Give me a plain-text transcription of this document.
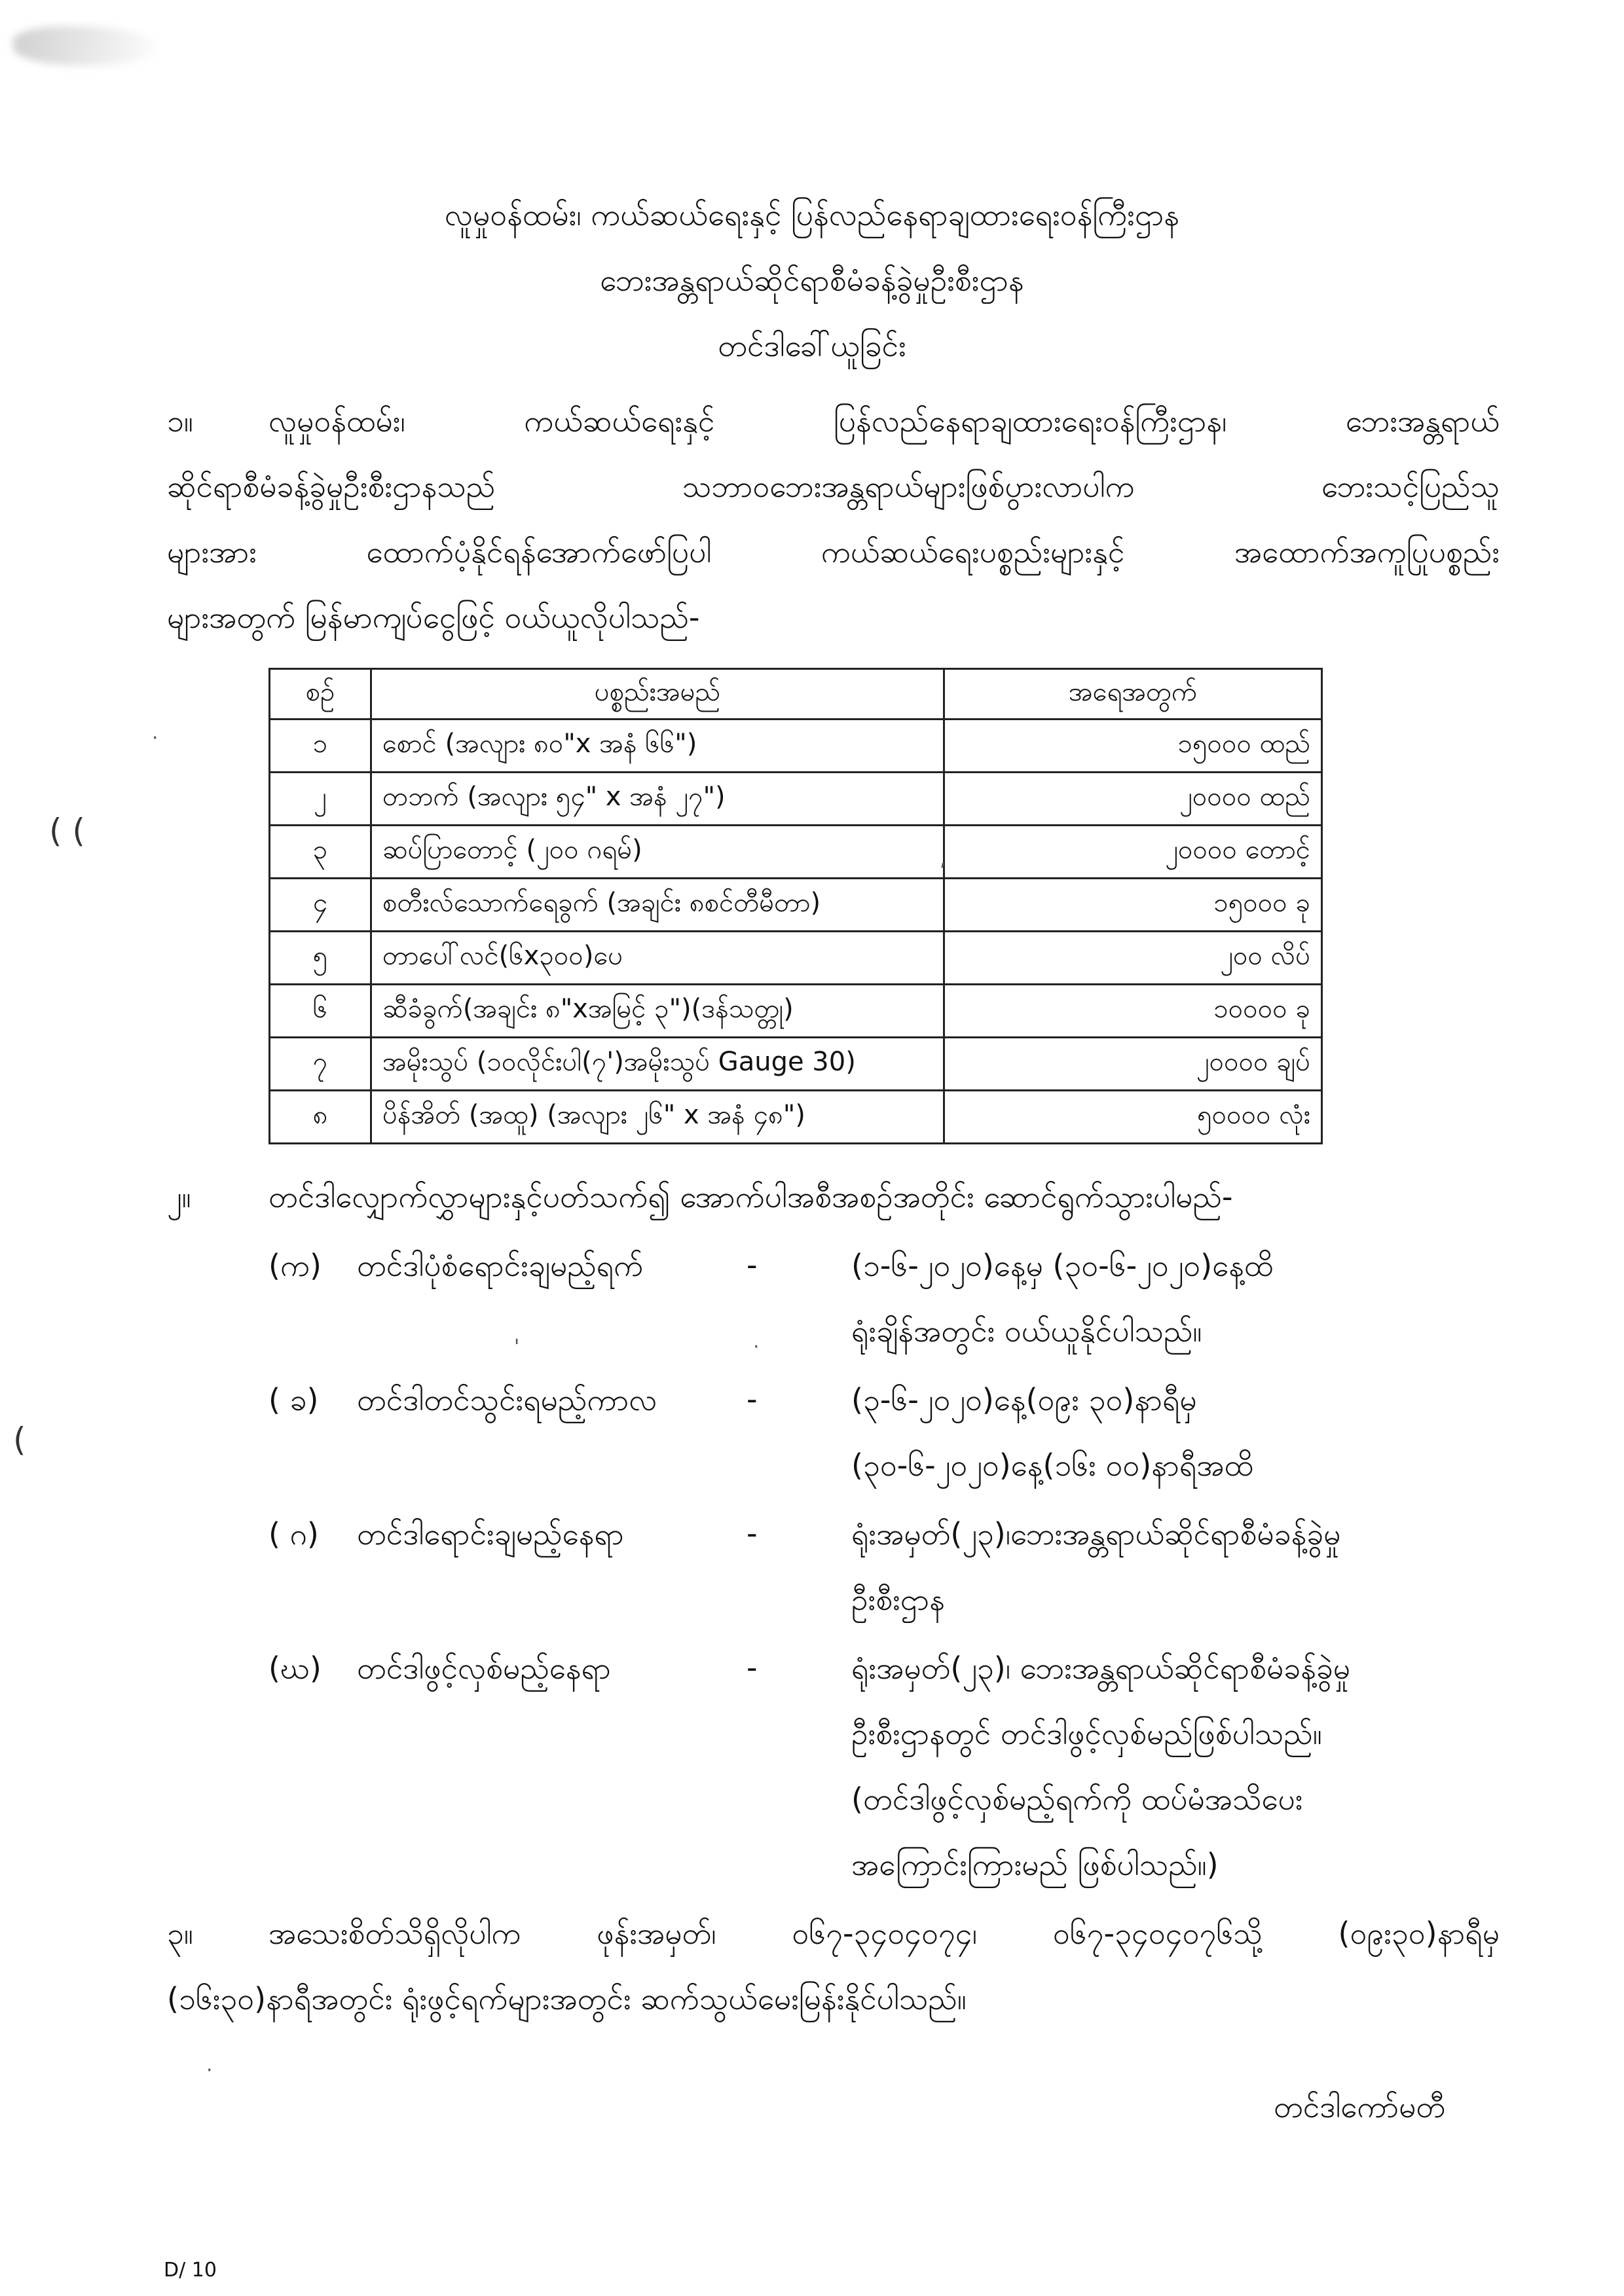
လူမှုဝန်ထမ်း၊ ကယ်ဆယ်ရေးနှင့် ပြန်လည်နေရာချထားရေးဝန်ကြီးဌာန
ဘေးအန္တရာယ်ဆိုင်ရာစီမံခန့်ခွဲမှုဦးစီးဌာန
တင်ဒါခေါ်ယူခြင်း
၁။	လူမှုဝန်ထမ်း၊ ကယ်ဆယ်ရေးနှင့် ပြန်လည်နေရာချထားရေးဝန်ကြီးဌာန၊ ဘေးအန္တရာယ်
ဆိုင်ရာစီမံခန့်ခွဲမှုဦးစီးဌာနသည် သဘာဝဘေးအန္တရာယ်များဖြစ်ပွားလာပါက ဘေးသင့်ပြည်သူ
များအား ထောက်ပံ့နိုင်ရန်အောက်ဖော်ပြပါ ကယ်ဆယ်ရေးပစ္စည်းများနှင့် အထောက်အကူပြုပစ္စည်း
များအတွက် မြန်မာကျပ်ငွေဖြင့် ဝယ်ယူလိုပါသည်-
စဉ်	ပစ္စည်းအမည်	အရေအတွက်
၁	စောင် (အလျား ၈၀"x အနံ ၆၆")	၁၅၀၀၀ ထည်
၂	တဘက် (အလျား ၅၄" x အနံ ၂၇")	၂၀၀၀၀ ထည်
၃	ဆပ်ပြာတောင့် (၂၀၀ ဂရမ်)	၂၀၀၀၀ တောင့်
၄	စတီးလ်သောက်ရေခွက် (အချင်း ၈စင်တီမီတာ)	၁၅၀၀၀ ခု
၅	တာပေါ်လင်(၆x၃၀၀)ပေ	၂၀၀ လိပ်
၆	ဆီခံခွက်(အချင်း ၈"xအမြင့် ၃")(ဒန်သတ္တု)	၁၀၀၀၀ ခု
၇	အမိုးသွပ် (၁၀လိုင်းပါ(၇')အမိုးသွပ် Gauge 30)	၂၀၀၀၀ ချပ်
၈	ပိန်အိတ် (အထူ) (အလျား ၂၆" x အနံ ၄၈")	၅၀၀၀၀ လုံး
၂။	တင်ဒါလျှောက်လွှာများနှင့်ပတ်သက်၍ အောက်ပါအစီအစဉ်အတိုင်း ဆောင်ရွက်သွားပါမည်-
(က) တင်ဒါပုံစံရောင်းချမည့်ရက်	-	(၁-၆-၂၀၂၀)နေ့မှ (၃၀-၆-၂၀၂၀)နေ့ထိ
ရုံးချိန်အတွင်း ဝယ်ယူနိုင်ပါသည်။
( ခ) တင်ဒါတင်သွင်းရမည့်ကာလ	-	(၃-၆-၂၀၂၀)နေ့(၀၉း ၃၀)နာရီမှ
(၃၀-၆-၂၀၂၀)နေ့(၁၆း ၀၀)နာရီအထိ
( ဂ) တင်ဒါရောင်းချမည့်နေရာ	-	ရုံးအမှတ်(၂၃)၊ဘေးအန္တရာယ်ဆိုင်ရာစီမံခန့်ခွဲမှု
ဦးစီးဌာန
(ဃ) တင်ဒါဖွင့်လှစ်မည့်နေရာ	-	ရုံးအမှတ်(၂၃)၊ ဘေးအန္တရာယ်ဆိုင်ရာစီမံခန့်ခွဲမှု
ဦးစီးဌာနတွင် တင်ဒါဖွင့်လှစ်မည်ဖြစ်ပါသည်။
(တင်ဒါဖွင့်လှစ်မည့်ရက်ကို ထပ်မံအသိပေး
အကြောင်းကြားမည် ဖြစ်ပါသည်။)
၃။	အသေးစိတ်သိရှိလိုပါက ဖုန်းအမှတ်၊ ၀၆၇-၃၄၀၄၀၇၄၊ ၀၆၇-၃၄၀၄၀၇၆သို့ (၀၉း၃၀)နာရီမှ
(၁၆း၃၀)နာရီအတွင်း ရုံးဖွင့်ရက်များအတွင်း ဆက်သွယ်မေးမြန်းနိုင်ပါသည်။
တင်ဒါကော်မတီ
D/ 10
( (
(
·
,
'	·
·
